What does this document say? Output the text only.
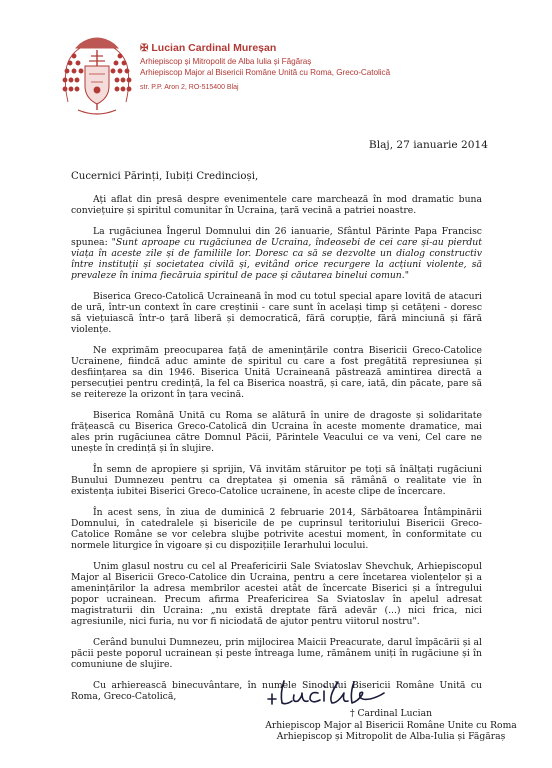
✠ Lucian Cardinal Mureșan
Arhiepiscop și Mitropolit de Alba Iulia și Făgăraș
Arhiepiscop Major al Bisericii Române Unită cu Roma, Greco-Catolică
str. P.P. Aron 2, RO-515400 Blaj
Blaj, 27 ianuarie 2014

Cucernici Părinți, Iubiți Credincioși,

Ați aflat din presă despre evenimentele care marchează în mod dramatic buna conviețuire și spiritul comunitar în Ucraina, țară vecină a patriei noastre.

La rugăciunea Îngerul Domnului din 26 ianuarie, Sfântul Părinte Papa Francisc spunea: "Sunt aproape cu rugăciunea de Ucraina, îndeosebi de cei care și-au pierdut viața în aceste zile și de familiile lor. Doresc ca să se dezvolte un dialog constructiv între instituții și societatea civilă și, evitând orice recurgere la acțiuni violente, să prevaleze în inima fiecăruia spiritul de pace și căutarea binelui comun."

Biserica Greco-Catolică Ucraineană în mod cu totul special apare lovită de atacuri de ură, într-un context în care creștinii - care sunt în același timp și cetățeni - doresc să viețuiască într-o țară liberă și democratică, fără corupție, fără minciună și fără violențe.

Ne exprimăm preocuparea față de amenințările contra Bisericii Greco-Catolice Ucrainene, fiindcă aduc aminte de spiritul cu care a fost pregătită represiunea și desființarea sa din 1946. Biserica Unită Ucraineană păstrează amintirea directă a persecuției pentru credință, la fel ca Biserica noastră, și care, iată, din păcate, pare să se reitereze la orizont în țara vecină.

Biserica Română Unită cu Roma se alătură în unire de dragoste și solidaritate frățească cu Biserica Greco-Catolică din Ucraina în aceste momente dramatice, mai ales prin rugăciunea către Domnul Păcii, Părintele Veacului ce va veni, Cel care ne unește în credință și în slujire.

În semn de apropiere și sprijin, Vă invităm stăruitor pe toți să înălțați rugăciuni Bunului Dumnezeu pentru ca dreptatea și omenia să rămână o realitate vie în existența iubitei Biserici Greco-Catolice ucrainene, în aceste clipe de încercare.

În acest sens, în ziua de duminică 2 februarie 2014, Sărbătoarea Întâmpinării Domnului, în catedralele și bisericile de pe cuprinsul teritoriului Bisericii Greco-Catolice Române se vor celebra slujbe potrivite acestui moment, în conformitate cu normele liturgice în vigoare și cu dispozițiile Ierarhului locului.

Unim glasul nostru cu cel al Preafericirii Sale Sviatoslav Shevchuk, Arhiepiscopul Major al Bisericii Greco-Catolice din Ucraina, pentru a cere încetarea violențelor și a amenințărilor la adresa membrilor acestei atât de încercate Biserici și a întregului popor ucrainean. Precum afirma Preafericirea Sa Sviatoslav în apelul adresat magistraturii din Ucraina: „nu există dreptate fără adevăr (...) nici frica, nici agresiunile, nici furia, nu vor fi niciodată de ajutor pentru viitorul nostru".

Cerând bunului Dumnezeu, prin mijlocirea Maicii Preacurate, darul împăcării și al păcii peste poporul ucrainean și peste întreaga lume, rămânem uniți în rugăciune și în comuniune de slujire.

Cu arhierească binecuvântare, în numele Sinodului Bisericii Române Unită cu Roma, Greco-Catolică,

† Cardinal Lucian
Arhiepiscop Major al Bisericii Române Unite cu Roma
Arhiepiscop și Mitropolit de Alba-Iulia și Făgăraș
